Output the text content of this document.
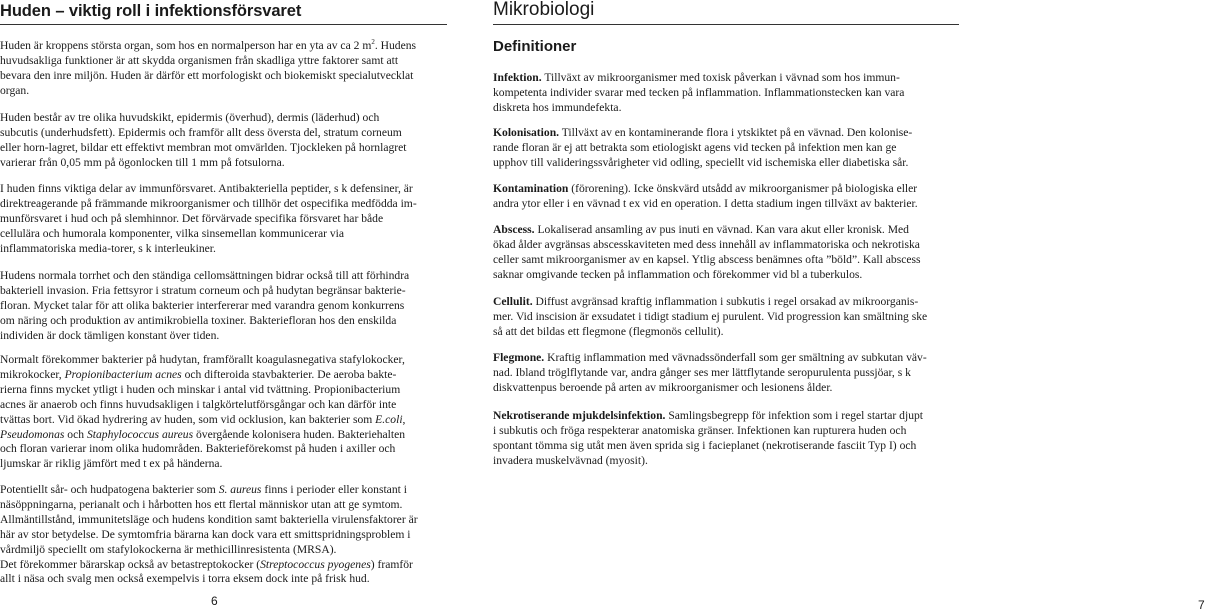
Huden – viktig roll i infektionsförsvaret

Huden är kroppens största organ, som hos en normalperson har en yta av ca 2 $m^2$. Hudens
huvudsakliga funktioner är att skydda organismen från skadliga yttre faktorer samt att
bevara den inre miljön. Huden är därför ett morfologiskt och biokemiskt specialutvecklat
organ.

Huden består av tre olika huvudskikt, epidermis (överhud), dermis (läderhud) och
subcutis (underhudsfett). Epidermis och framför allt dess översta del, stratum corneum
eller horn-lagret, bildar ett effektivt membran mot omvärlden. Tjockleken på hornlagret
varierar från 0,05 mm på ögonlocken till 1 mm på fotsulorna.

I huden finns viktiga delar av immunförsvaret. Antibakteriella peptider, s k defensiner, är
direktreagerande på främmande mikroorganismer och tillhör det ospecifika medfödda im-
munförsvaret i hud och på slemhinnor. Det förvärvade specifika försvaret har både
cellulära och humorala komponenter, vilka sinsemellan kommunicerar via
inflammatoriska media-torer, s k interleukiner.

Hudens normala torrhet och den ständiga cellomsättningen bidrar också till att förhindra
bakteriell invasion. Fria fettsyror i stratum corneum och på hudytan begränsar bakterie-
floran. Mycket talar för att olika bakterier interfererar med varandra genom konkurrens
om näring och produktion av antimikrobiella toxiner. Bakteriefloran hos den enskilda
individen är dock tämligen konstant över tiden.

Normalt förekommer bakterier på hudytan, framförallt koagulasnegativa stafylokocker,
mikrokocker, Propionibacterium acnes och difteroida stavbakterier. De aeroba bakte-
rierna finns mycket ytligt i huden och minskar i antal vid tvättning. Propionibacterium
acnes är anaerob och finns huvudsakligen i talgkörtelutförsgångar och kan därför inte
tvättas bort. Vid ökad hydrering av huden, som vid ocklusion, kan bakterier som E.coli,
Pseudomonas och Staphylococcus aureus övergående kolonisera huden. Bakteriehalten
och floran varierar inom olika hudområden. Bakterieförekomst på huden i axiller och
ljumskar är riklig jämfört med t ex på händerna.

Potentiellt sår- och hudpatogena bakterier som S. aureus finns i perioder eller konstant i
näsöppningarna, perianalt och i hårbotten hos ett flertal människor utan att ge symtom.
Allmäntillstånd, immunitetsläge och hudens kondition samt bakteriella virulensfaktorer är
här av stor betydelse. De symtomfria bärarna kan dock vara ett smittspridningsproblem i
vårdmiljö speciellt om stafylokockerna är methicillinresistenta (MRSA).
Det förekommer bärarskap också av betastreptokocker (Streptococcus pyogenes) framför
allt i näsa och svalg men också exempelvis i torra eksem dock inte på frisk hud.

6
Mikrobiologi
Definitioner

Infektion. Tillväxt av mikroorganismer med toxisk påverkan i vävnad som hos immun-
kompetenta individer svarar med tecken på inflammation. Inflammationstecken kan vara
diskreta hos immundefekta.

Kolonisation. Tillväxt av en kontaminerande flora i ytskiktet på en vävnad. Den kolonise-
rande floran är ej att betrakta som etiologiskt agens vid tecken på infektion men kan ge
upphov till valideringssvårigheter vid odling, speciellt vid ischemiska eller diabetiska sår.

Kontamination (förorening). Icke önskvärd utsådd av mikroorganismer på biologiska eller
andra ytor eller i en vävnad t ex vid en operation. I detta stadium ingen tillväxt av bakterier.

Abscess. Lokaliserad ansamling av pus inuti en vävnad. Kan vara akut eller kronisk. Med
ökad ålder avgränsas abscesskaviteten med dess innehåll av inflammatoriska och nekrotiska
celler samt mikroorganismer av en kapsel. Ytlig abscess benämnes ofta ”böld”. Kall abscess
saknar omgivande tecken på inflammation och förekommer vid bl a tuberkulos.

Cellulit. Diffust avgränsad kraftig inflammation i subkutis i regel orsakad av mikroorganis-
mer. Vid inscision är exsudatet i tidigt stadium ej purulent. Vid progression kan smältning ske
så att det bildas ett flegmone (flegmonös cellulit).

Flegmone. Kraftig inflammation med vävnadssönderfall som ger smältning av subkutan väv-
nad. Ibland tröglflytande var, andra gånger ses mer lättflytande seropurulenta pussjöar, s k
diskvattenpus beroende på arten av mikroorganismer och lesionens ålder.

Nekrotiserande mjukdelsinfektion. Samlingsbegrepp för infektion som i regel startar djupt
i subkutis och fröga respekterar anatomiska gränser. Infektionen kan rupturera huden och
spontant tömma sig utåt men även sprida sig i facieplanet (nekrotiserande fasciit Typ I) och
invadera muskelvävnad (myosit).

7
